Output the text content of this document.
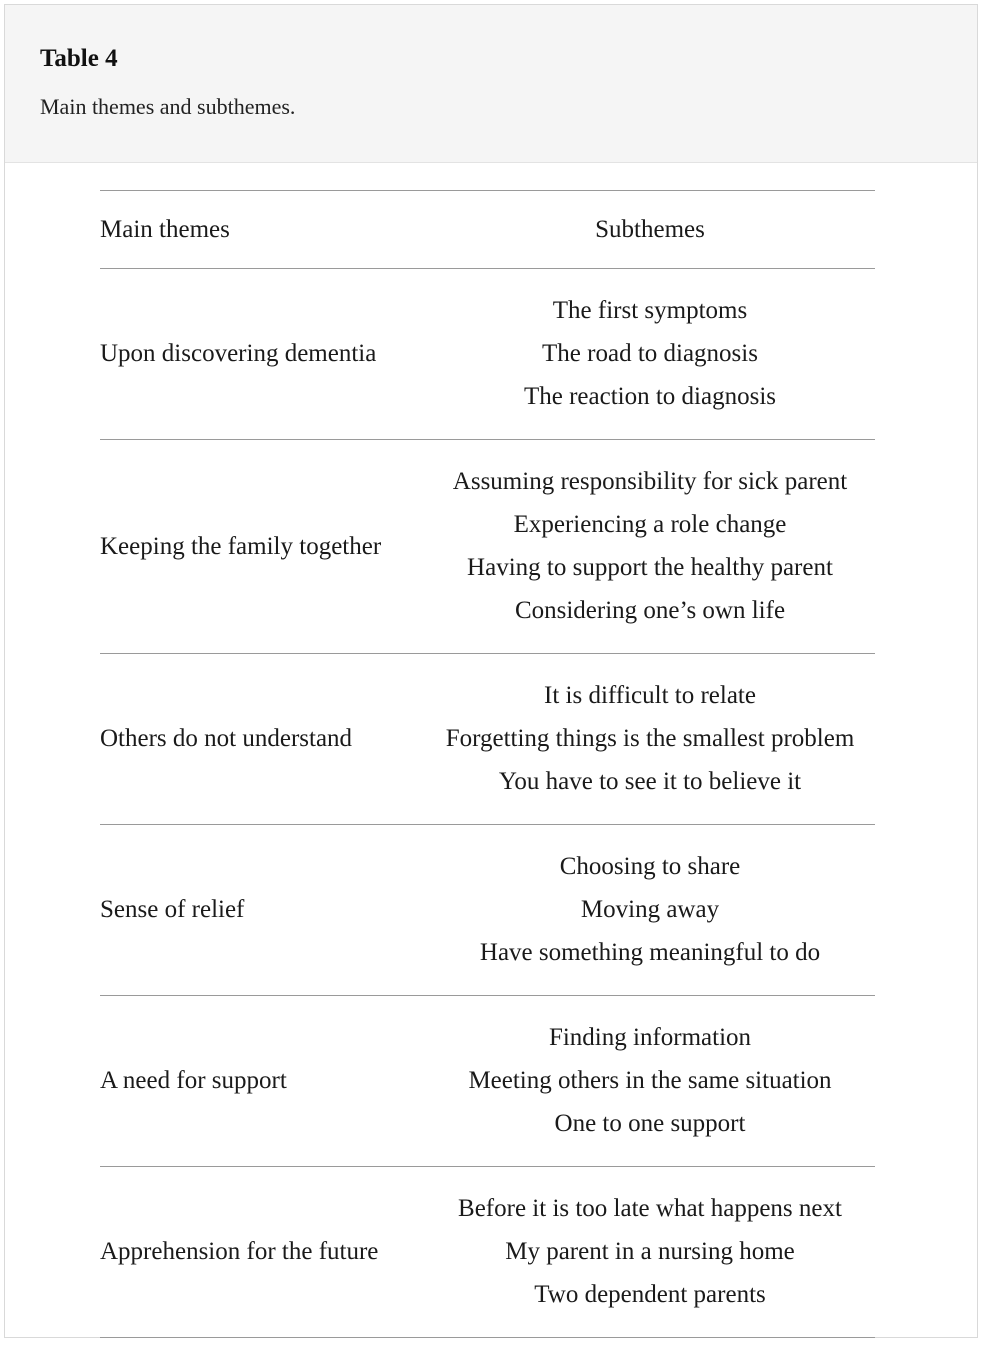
Table 4
Main themes and subthemes.
Main themes	Subthemes
Upon discovering dementia	The first symptoms
The road to diagnosis
The reaction to diagnosis

Keeping the family together	Assuming responsibility for sick parent
Experiencing a role change
Having to support the healthy parent
Considering one’s own life

Others do not understand	It is difficult to relate
Forgetting things is the smallest problem
You have to see it to believe it

Sense of relief	Choosing to share
Moving away
Have something meaningful to do

A need for support	Finding information
Meeting others in the same situation
One to one support

Apprehension for the future	Before it is too late what happens next
My parent in a nursing home
Two dependent parents
